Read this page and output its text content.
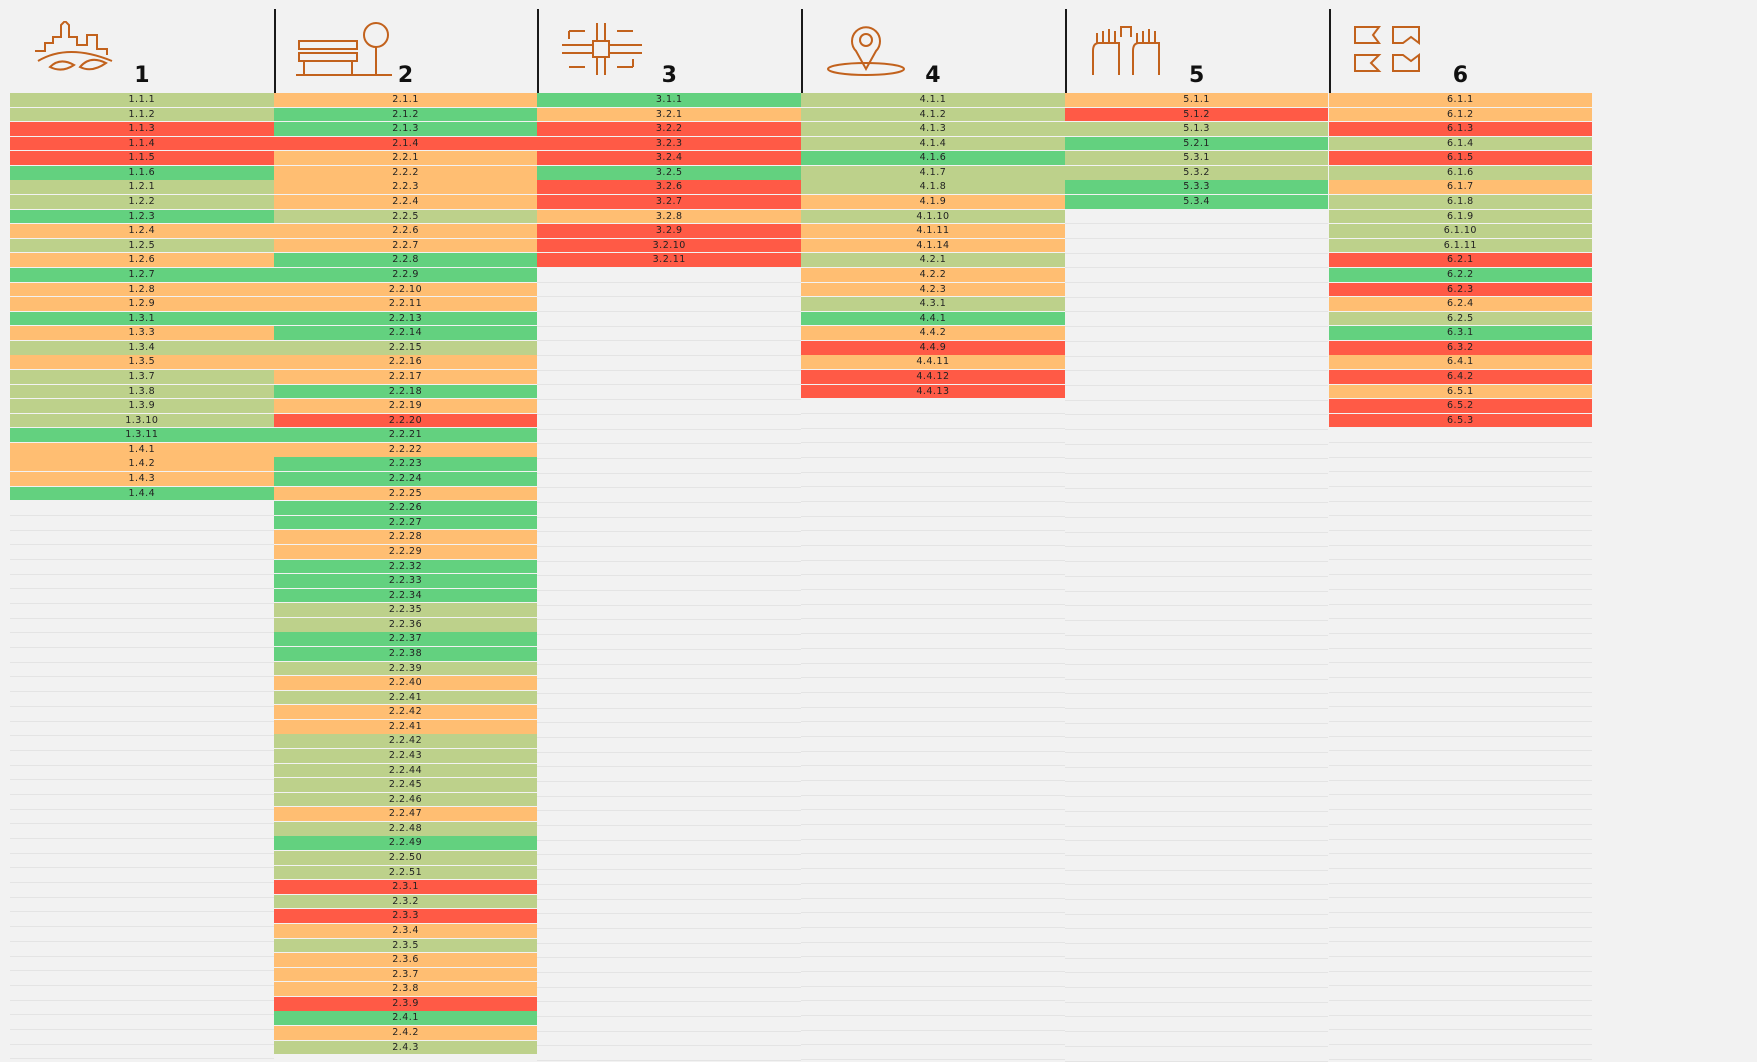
1
1.1.1
1.1.2
1.1.3
1.1.4
1.1.5
1.1.6
1.2.1
1.2.2
1.2.3
1.2.4
1.2.5
1.2.6
1.2.7
1.2.8
1.2.9
1.3.1
1.3.3
1.3.4
1.3.5
1.3.7
1.3.8
1.3.9
1.3.10
1.3.11
1.4.1
1.4.2
1.4.3
1.4.4
2
2.1.1
2.1.2
2.1.3
2.1.4
2.2.1
2.2.2
2.2.3
2.2.4
2.2.5
2.2.6
2.2.7
2.2.8
2.2.9
2.2.10
2.2.11
2.2.13
2.2.14
2.2.15
2.2.16
2.2.17
2.2.18
2.2.19
2.2.20
2.2.21
2.2.22
2.2.23
2.2.24
2.2.25
2.2.26
2.2.27
2.2.28
2.2.29
2.2.32
2.2.33
2.2.34
2.2.35
2.2.36
2.2.37
2.2.38
2.2.39
2.2.40
2.2.41
2.2.42
2.2.41
2.2.42
2.2.43
2.2.44
2.2.45
2.2.46
2.2.47
2.2.48
2.2.49
2.2.50
2.2.51
2.3.1
2.3.2
2.3.3
2.3.4
2.3.5
2.3.6
2.3.7
2.3.8
2.3.9
2.4.1
2.4.2
2.4.3
3
3.1.1
3.2.1
3.2.2
3.2.3
3.2.4
3.2.5
3.2.6
3.2.7
3.2.8
3.2.9
3.2.10
3.2.11
4
4.1.1
4.1.2
4.1.3
4.1.4
4.1.6
4.1.7
4.1.8
4.1.9
4.1.10
4.1.11
4.1.14
4.2.1
4.2.2
4.2.3
4.3.1
4.4.1
4.4.2
4.4.9
4.4.11
4.4.12
4.4.13
5
5.1.1
5.1.2
5.1.3
5.2.1
5.3.1
5.3.2
5.3.3
5.3.4
6
6.1.1
6.1.2
6.1.3
6.1.4
6.1.5
6.1.6
6.1.7
6.1.8
6.1.9
6.1.10
6.1.11
6.2.1
6.2.2
6.2.3
6.2.4
6.2.5
6.3.1
6.3.2
6.4.1
6.4.2
6.5.1
6.5.2
6.5.3
